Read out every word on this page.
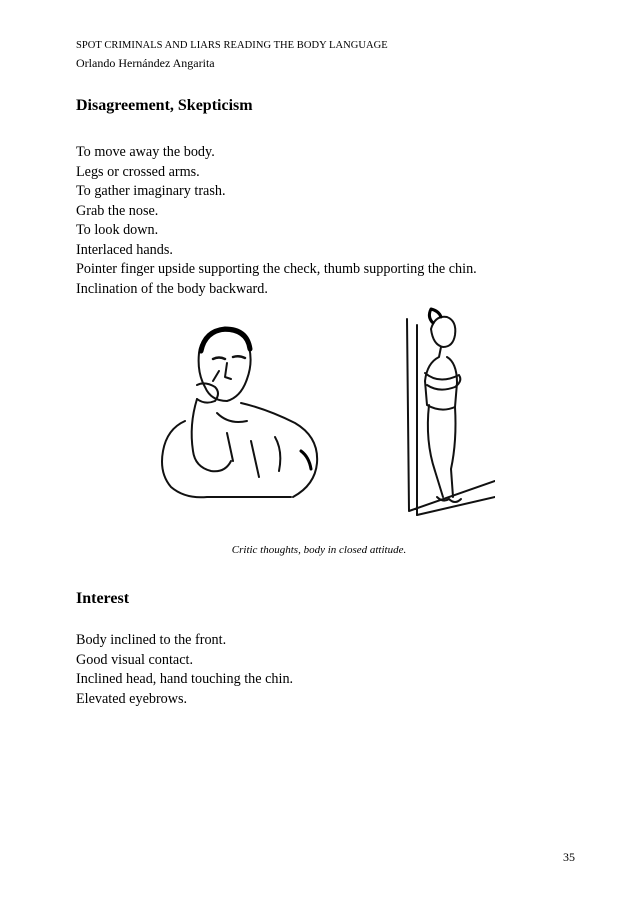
SPOT CRIMINALS AND LIARS READING THE BODY LANGUAGE
Orlando Hernández Angarita
Disagreement, Skepticism
To move away the body.
Legs or crossed arms.
To gather imaginary trash.
Grab the nose.
To look down.
Interlaced hands.
Pointer finger upside supporting the check, thumb supporting the chin.
Inclination of the body backward.
Critic thoughts, body in closed attitude.
Interest
Body inclined to the front.
Good visual contact.
Inclined head, hand touching the chin.
Elevated eyebrows.
35
